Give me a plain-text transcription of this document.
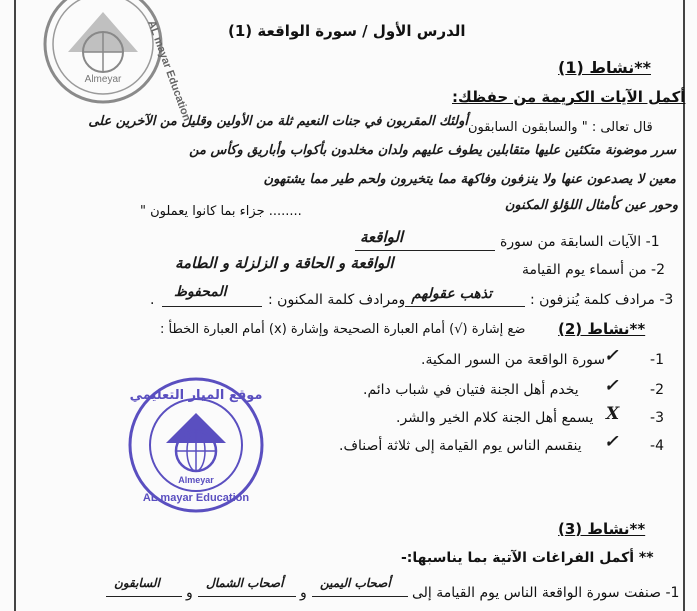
Almeyar AL mayar Education الدرس الأول / سورة الواقعة (1)
**نشاط (1)
أكمل الآيات الكريمة من حفظك:
قال تعالى : " والسابقون السابقون
أولئك المقربون في جنات النعيم ثلة من الأولين وقليل من الآخرين على
سرر موضونة متكئين عليها متقابلين يطوف عليهم ولدان مخلدون بأكواب وأباريق وكأس من
معين لا يصدعون عنها ولا ينزفون وفاكهة مما يتخيرون ولحم طير مما يشتهون
وحور عين كأمثال اللؤلؤ المكنون
........ جزاء بما كانوا يعملون "
1- الآيات السابقة من سورة
الواقعة
2- من أسماء يوم القيامة
الواقعة و الحاقة و الزلزلة و الطامة
3- مرادف كلمة يُنزفون :
تذهب عقولهم
، ومرادف كلمة المكنون :
المحفوظ
.
**نشاط (2)
ضع إشارة (√) أمام العبارة الصحيحة وإشارة (x) أمام العبارة الخطأ :
1-
✓
سورة الواقعة من السور المكية.
2-
✓
يخدم أهل الجنة فتيان في شباب دائم.
3-
X
يسمع أهل الجنة كلام الخير والشر.
4-
✓
ينقسم الناس يوم القيامة إلى ثلاثة أصناف.
موقع الميار التعليمي
Almeyar
AL mayar Education
**نشاط (3)
** أكمل الفراغات الآتية بما يناسبها:-
1- صنفت سورة الواقعة الناس يوم القيامة إلى
أصحاب اليمين
و
أصحاب الشمال
و
السابقون
